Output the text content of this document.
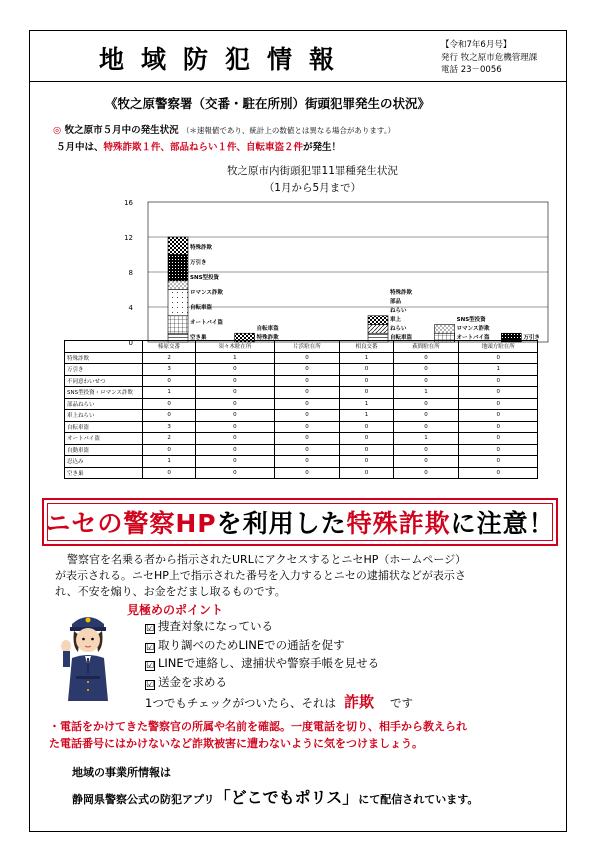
地域防犯情報	【令和7年6月号】
発行 牧之原市危機管理課
電話 23－0056
《牧之原警察署（交番・駐在所別）街頭犯罪発生の状況》
◎ 牧之原市５月中の発生状況 （＊速報値であり、統計上の数値とは異なる場合があります。）
５月中は、特殊詐欺１件、部品ねらい１件、自転車盗２件が発生！
牧之原市内街頭犯罪11罪種発生状況
（1月から5月まで）
0
4
8
12
16
空き巣
オートバイ盗
自転車盗
ロマンス詐欺
SNS型投資
万引き
特殊詐欺
特殊詐欺
自転車盗
自転車盗
ねらい
車上
ねらい
部品
特殊詐欺
オートバイ盗
ロマンス詐欺
SNS型投資
万引き
	榛原交番	須々木駐在所	片浜駐在所	相良交番	萩間駐在所	地頭方駐在所
特殊詐欺	2	1	0	1	0	0
万引き	3	0	0	0	0	1
不同意わいせつ	0	0	0	0	0	0
SNS型投資・ロマンス詐欺	1	0	0	0	1	0
部品ねらい	0	0	0	1	0	0
車上ねらい	0	0	0	1	0	0
自転車盗	3	0	0	0	0	0
オートバイ盗	2	0	0	0	1	0
自動車盗	0	0	0	0	0	0
忍込み	1	0	0	0	0	0
空き巣	0	0	0	0	0	0
ニセの 警察HP を利用した 特殊詐欺 に注意！
警察官を名乗る者から指示されたURLにアクセスするとニセHP（ホームページ）
が表示される。ニセHP上で指示された番号を入力するとニセの逮捕状などが表示さ
れ、不安を煽り、お金をだまし取るものです。
見極めのポイント
☑ 捜査対象になっている
☑ 取り調べのためLINEでの通話を促す
☑ LINEで連絡し、逮捕状や警察手帳を見せる
☑ 送金を求める
1つでもチェックがついたら、それは 詐欺 です
・電話をかけてきた警察官の所属や名前を確認。一度電話を切り、相手から教えられ
た電話番号にはかけないなど詐欺被害に遭わないように気をつけましょう。
地域の事業所情報は
静岡県警察公式の防犯アプリ「どこでもポリス」にて配信されています。
